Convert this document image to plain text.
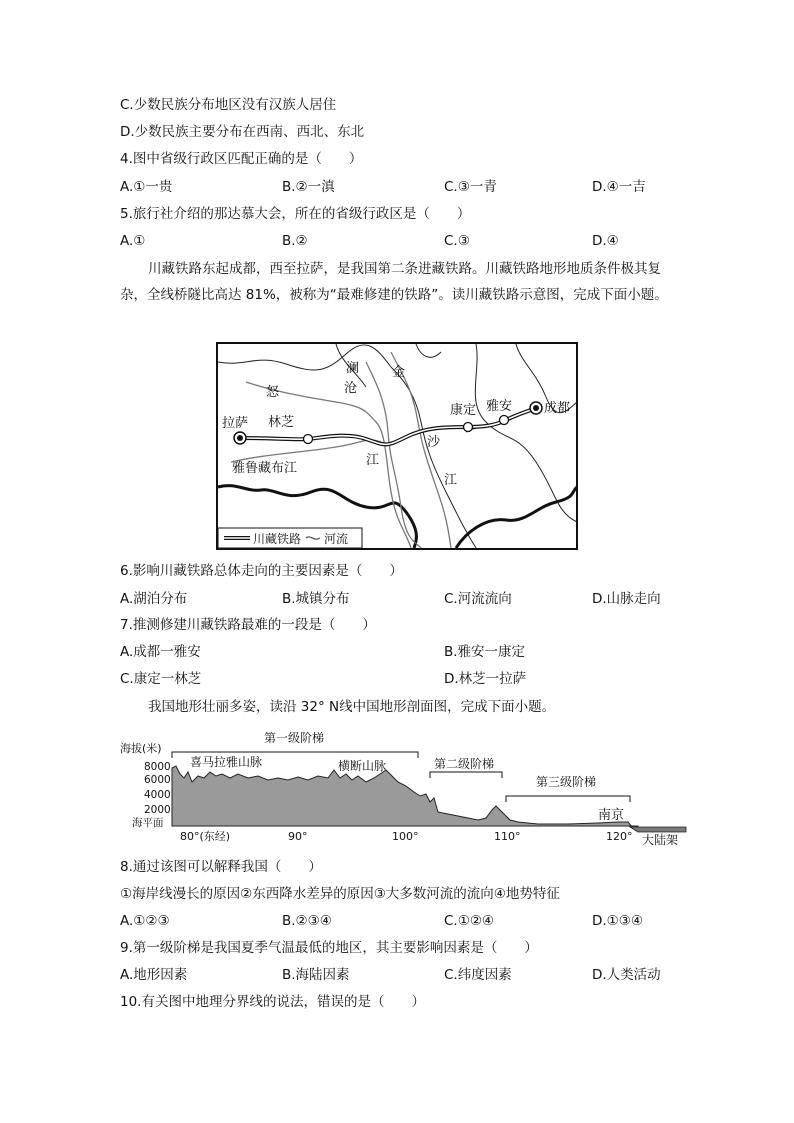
C.少数民族分布地区没有汉族人居住
D.少数民族主要分布在西南、西北、东北
4.图中省级行政区匹配正确的是（　　）
A.①一贵	B.②一滇	C.③一青	D.④一吉
5.旅行社介绍的那达慕大会，所在的省级行政区是（　　）
A.①	B.②	C.③	D.④
川藏铁路东起成都，西至拉萨，是我国第二条进藏铁路。川藏铁路地形地质条件极其复杂，全线桥隧比高达 81%，被称为“最难修建的铁路”。读川藏铁路示意图，完成下面小题。
拉萨 林芝
康定 雅安 成都
怒
澜
沧
江
金
沙
江
雅鲁藏布江
川藏铁路 河流
6.影响川藏铁路总体走向的主要因素是（　　）
A.湖泊分布	B.城镇分布	C.河流流向	D.山脉走向
7.推测修建川藏铁路最难的一段是（　　）
A.成都一雅安	B.雅安一康定
C.康定一林芝	D.林芝一拉萨
我国地形壮丽多姿，读沿 32° N线中国地形剖面图，完成下面小题。
海拔(米)
8000
6000
4000
2000
海平面
第一级阶梯
第二级阶梯
第三级阶梯
喜马拉雅山脉	横断山脉
南京
大陆架
80°(东经)	90°	100°	110°	120°
8.通过该图可以解释我国（　　）
①海岸线漫长的原因②东西降水差异的原因③大多数河流的流向④地势特征
A.①②③	B.②③④	C.①②④	D.①③④
9.第一级阶梯是我国夏季气温最低的地区，其主要影响因素是（　　）
A.地形因素	B.海陆因素	C.纬度因素	D.人类活动
10.有关图中地理分界线的说法，错误的是（　　）
